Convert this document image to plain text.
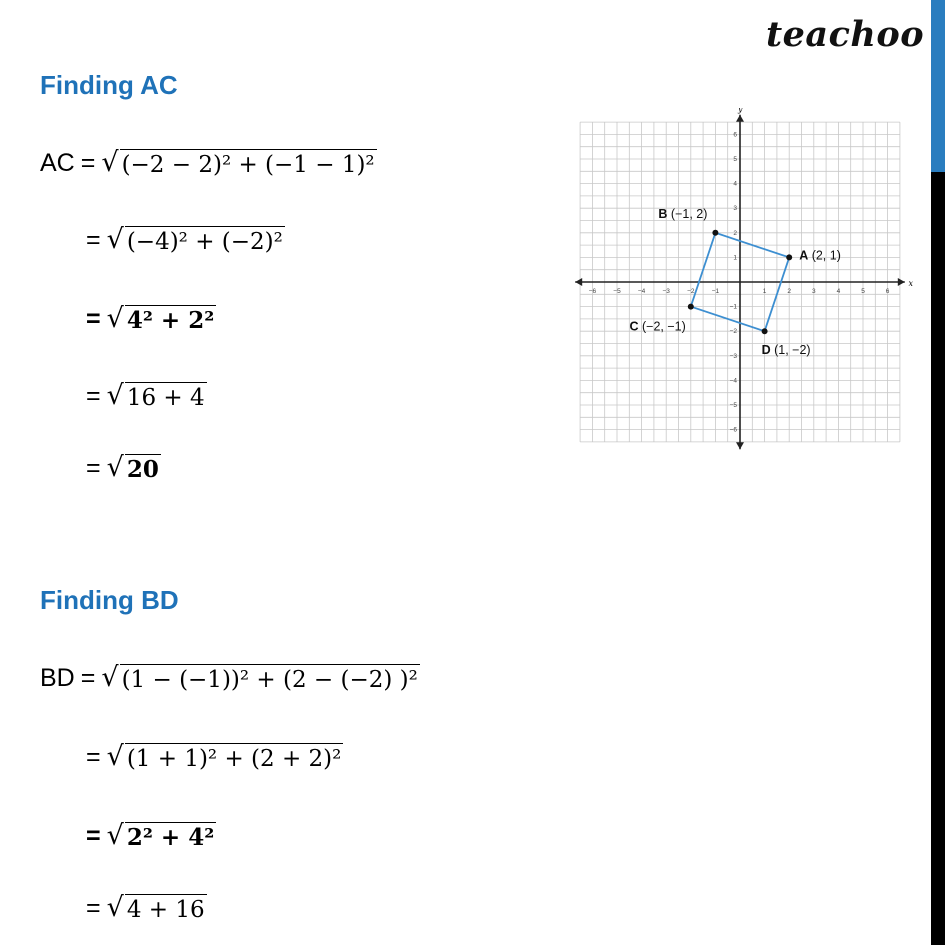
teachoo
Finding AC
AC = √ (−2 − 2)² + (−1 − 1)²
= √ (−4)² + (−2)²
= √ 4² + 2²
= √ 16 + 4
= √ 20
Finding BD
BD = √ (1 − (−1))² + (2 − (−2) )²
= √ (1 + 1)² + (2 + 2)²
= √ 2² + 4²
= √ 4 + 16
x
y
−6	−5	−4	−3	−2	−1	1	2	3	4	5	6
6
5
4
3
2
1
−1
−2
−3
−4
−5
−6
A (2, 1)
B (−1, 2)
C (−2, −1)
D (1, −2)
